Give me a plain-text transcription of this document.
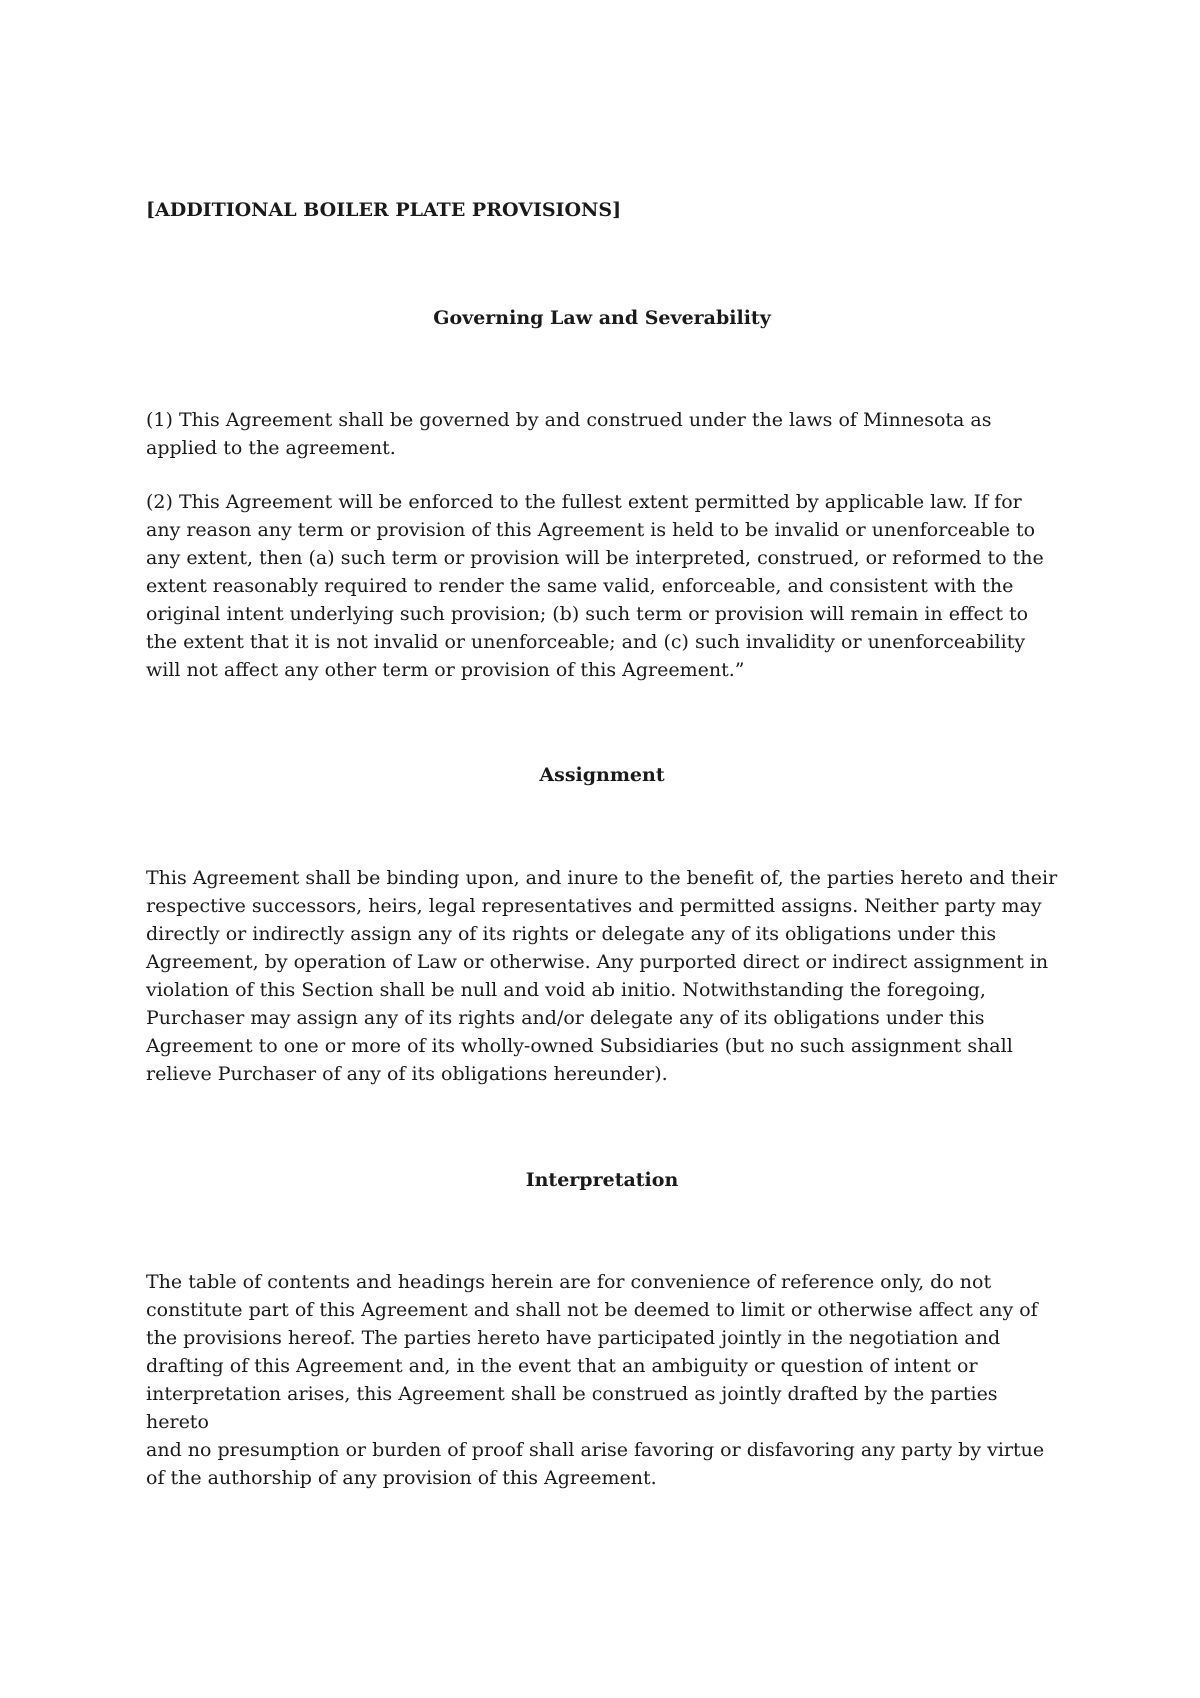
[ADDITIONAL BOILER PLATE PROVISIONS]
Governing Law and Severability

(1) This Agreement shall be governed by and construed under the laws of Minnesota as
applied to the agreement.

(2) This Agreement will be enforced to the fullest extent permitted by applicable law. If for
any reason any term or provision of this Agreement is held to be invalid or unenforceable to
any extent, then (a) such term or provision will be interpreted, construed, or reformed to the
extent reasonably required to render the same valid, enforceable, and consistent with the
original intent underlying such provision; (b) such term or provision will remain in effect to
the extent that it is not invalid or unenforceable; and (c) such invalidity or unenforceability
will not affect any other term or provision of this Agreement.”

Assignment

This Agreement shall be binding upon, and inure to the benefit of, the parties hereto and their
respective successors, heirs, legal representatives and permitted assigns. Neither party may
directly or indirectly assign any of its rights or delegate any of its obligations under this
Agreement, by operation of Law or otherwise. Any purported direct or indirect assignment in
violation of this Section shall be null and void ab initio. Notwithstanding the foregoing,
Purchaser may assign any of its rights and/or delegate any of its obligations under this
Agreement to one or more of its wholly-owned Subsidiaries (but no such assignment shall
relieve Purchaser of any of its obligations hereunder).

Interpretation

The table of contents and headings herein are for convenience of reference only, do not
constitute part of this Agreement and shall not be deemed to limit or otherwise affect any of
the provisions hereof. The parties hereto have participated jointly in the negotiation and
drafting of this Agreement and, in the event that an ambiguity or question of intent or
interpretation arises, this Agreement shall be construed as jointly drafted by the parties hereto
and no presumption or burden of proof shall arise favoring or disfavoring any party by virtue
of the authorship of any provision of this Agreement.
